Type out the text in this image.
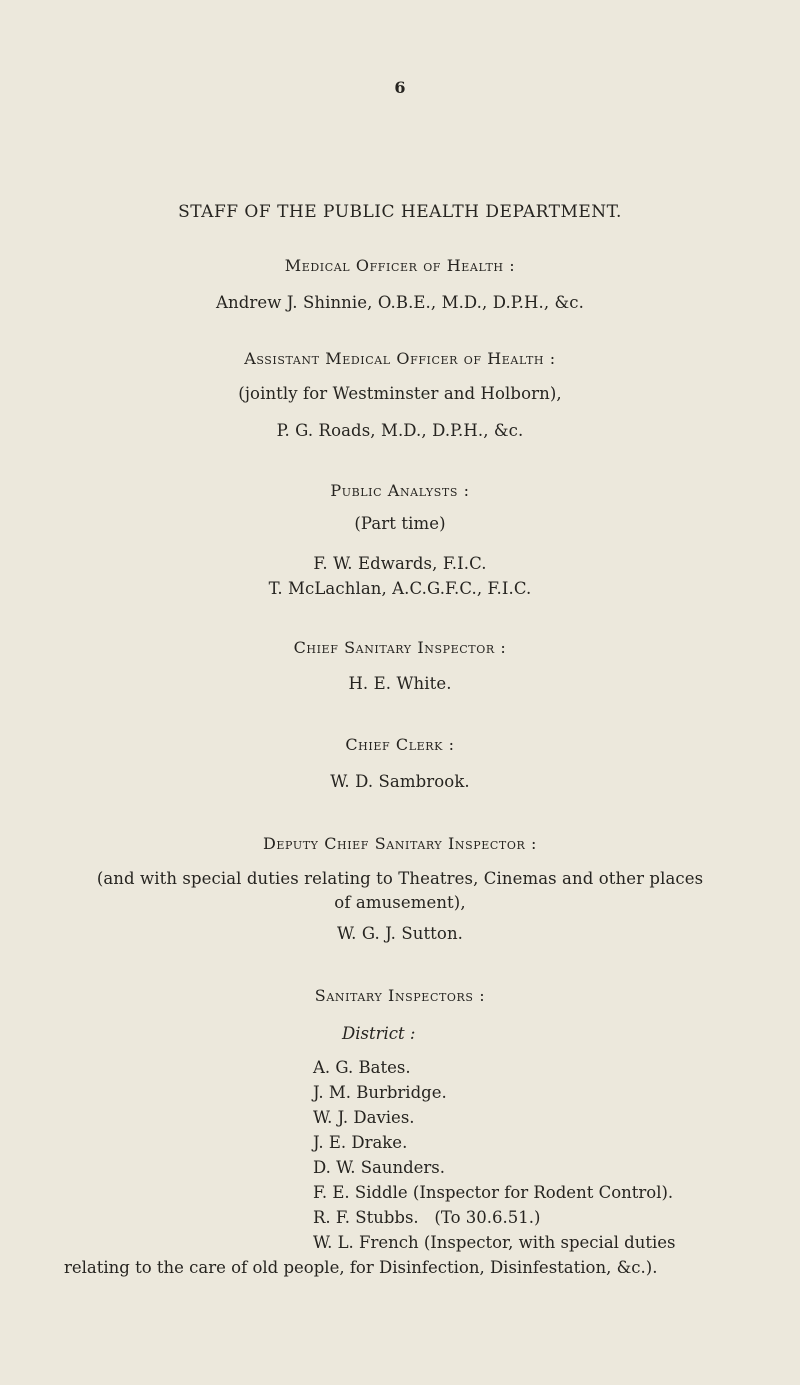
6
STAFF OF THE PUBLIC HEALTH DEPARTMENT.
Medical Officer of Health :
Andrew J. Shinnie, O.B.E., M.D., D.P.H., &c.
Assistant Medical Officer of Health :
(jointly for Westminster and Holborn),
P. G. Roads, M.D., D.P.H., &c.
Public Analysts :
(Part time)
F. W. Edwards, F.I.C.
T. McLachlan, A.C.G.F.C., F.I.C.
Chief Sanitary Inspector :
H. E. White.
Chief Clerk :
W. D. Sambrook.
Deputy Chief Sanitary Inspector :
(and with special duties relating to Theatres, Cinemas and other places
of amusement),
W. G. J. Sutton.
Sanitary Inspectors :
District :
A. G. Bates.
J. M. Burbridge.
W. J. Davies.
J. E. Drake.
D. W. Saunders.
F. E. Siddle (Inspector for Rodent Control).
R. F. Stubbs.   (To 30.6.51.)
W. L. French (Inspector, with special duties
relating to the care of old people, for Disinfection, Disinfestation, &c.).
